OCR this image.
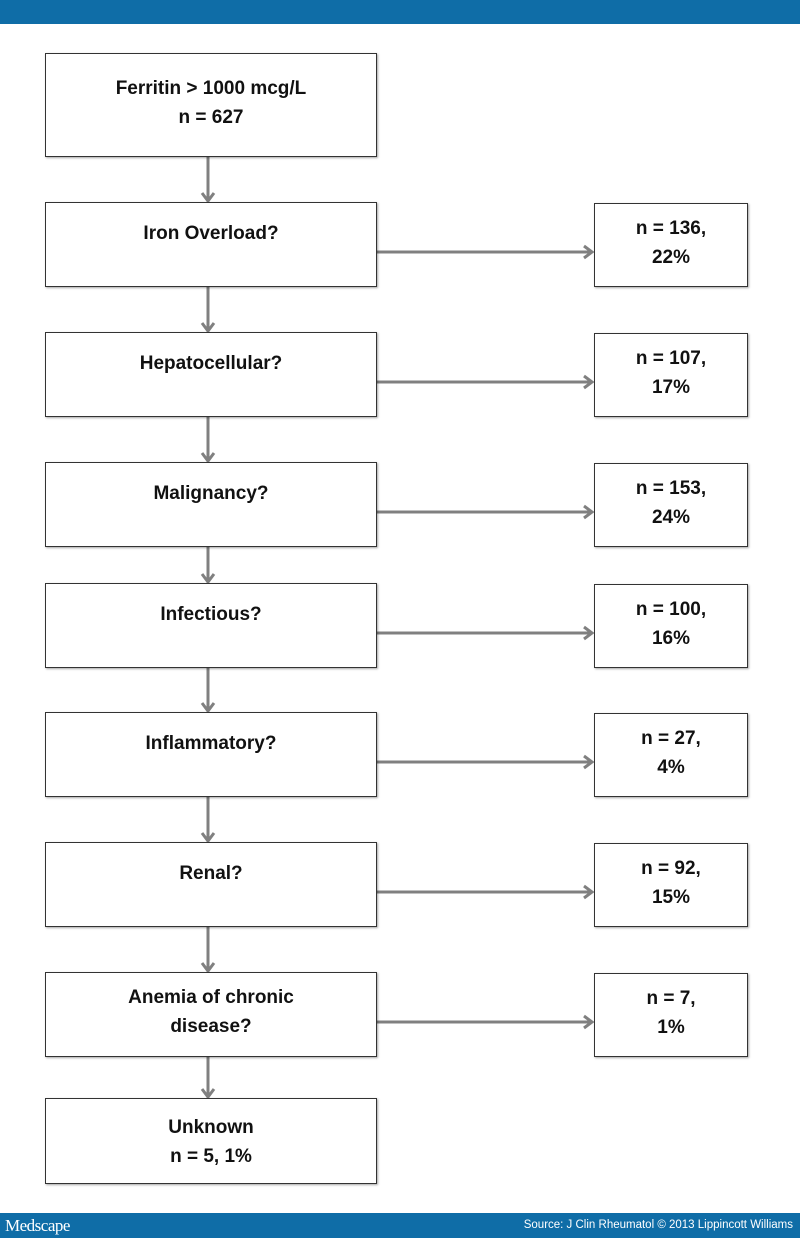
Ferritin > 1000 mcg/L
n = 627
Iron Overload?	n = 136,
22%
Hepatocellular?	n = 107,
17%
Malignancy?	n = 153,
24%
Infectious?	n = 100,
16%
Inflammatory?	n = 27,
4%
Renal?	n = 92,
15%
Anemia of chronic
disease?
n = 7,
1%
Unknown
n = 5, 1%
Medscape	Source: J Clin Rheumatol © 2013 Lippincott Williams
